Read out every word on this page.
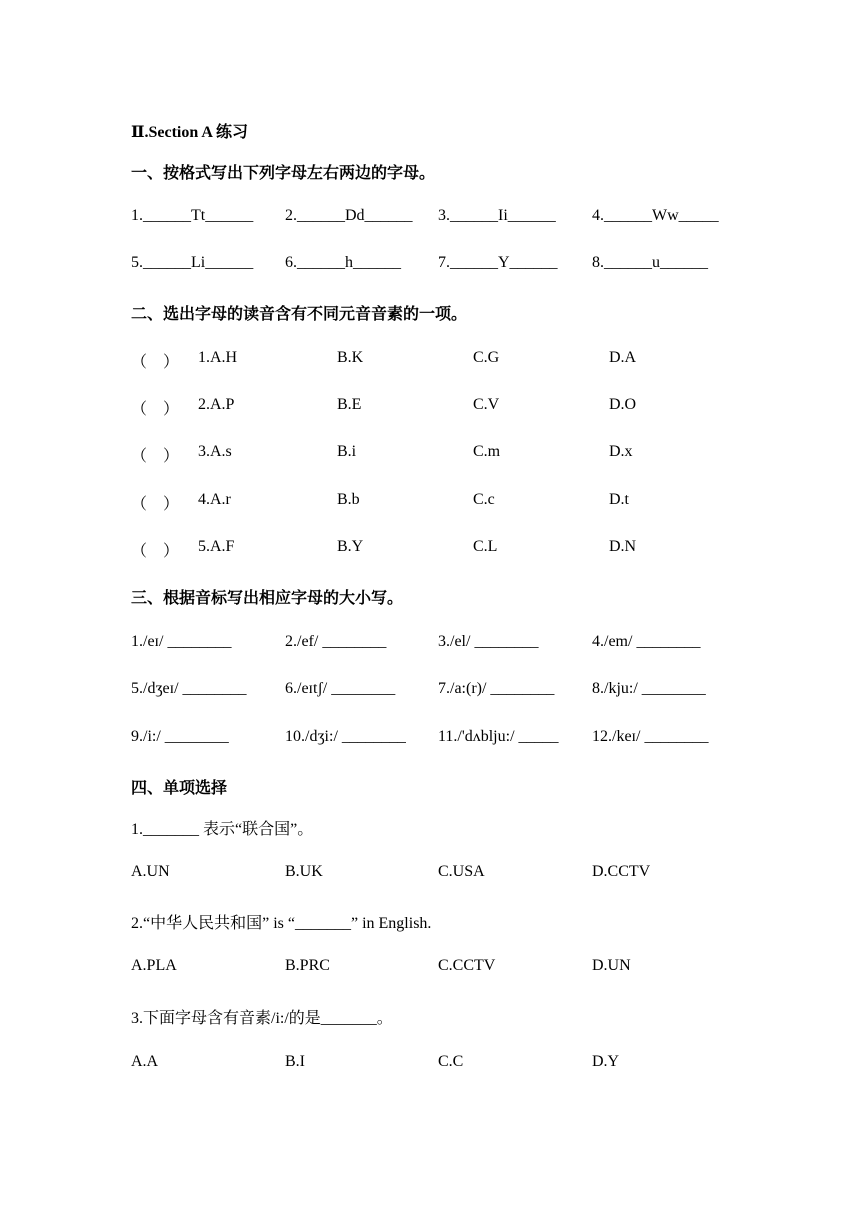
Ⅱ.Section A 练习
一、按格式写出下列字母左右两边的字母。
1.______Tt______ 2.______Dd______ 3.______Ii______ 4.______Ww_____
5.______Li______ 6.______h______ 7.______Y______ 8.______u______
二、选出字母的读音含有不同元音音素的一项。
（　） 1.A.H	B.K	C.G	D.A
（　） 2.A.P	B.E	C.V	D.O
（　） 3.A.s	B.i	C.m	D.x
（　） 4.A.r	B.b	C.c	D.t
（　） 5.A.F	B.Y	C.L	D.N
三、根据音标写出相应字母的大小写。
1./eɪ/ ________	2./ef/ ________	3./el/ ________	4./em/ ________
5./dʒeɪ/ ________ 6./eɪtʃ/ ________	7./a:(r)/ ________ 8./kju:/ ________
9./i:/ ________	10./dʒi:/ ________ 11./'dʌblju:/ _____ 12./keɪ/ ________
四、单项选择
1._______ 表示“联合国”。
A.UN	B.UK	C.USA	D.CCTV
2.“中华人民共和国” is “_______” in English.
A.PLA	B.PRC	C.CCTV	D.UN
3.下面字母含有音素/i:/的是_______。
A.A	B.I	C.C	D.Y
